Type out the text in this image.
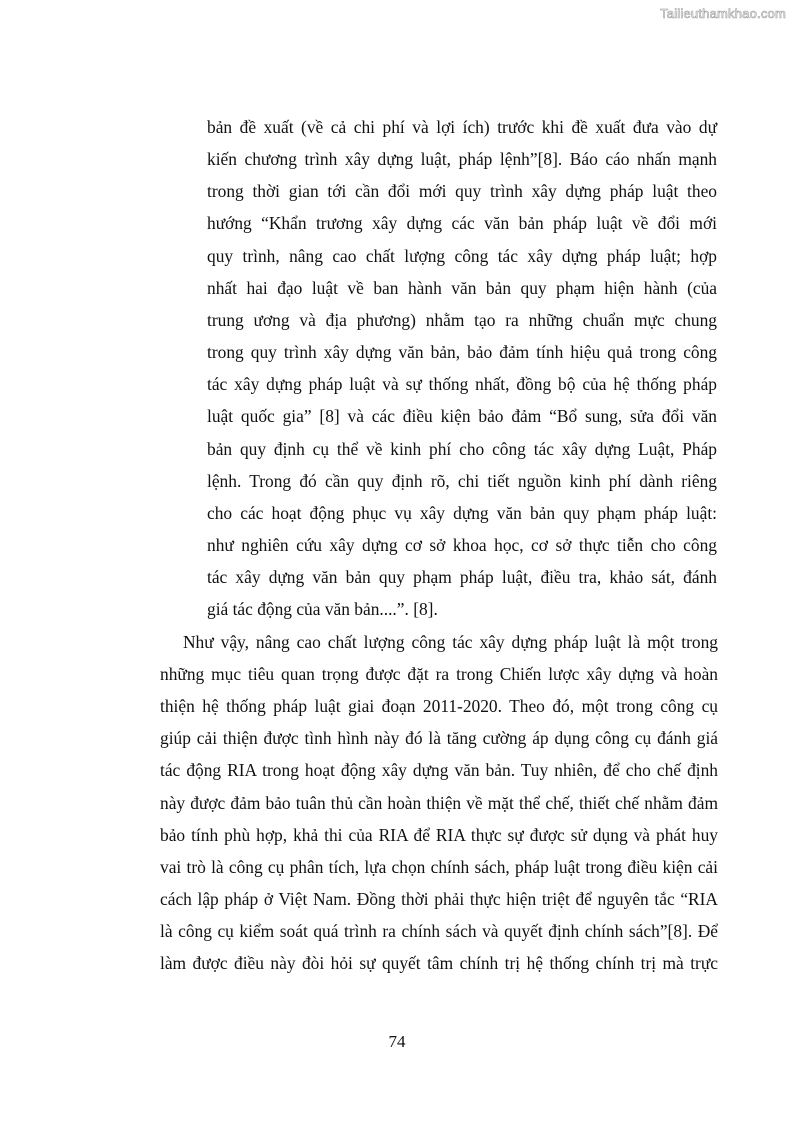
Tailieuthamkhao.com
bản đề xuất (về cả chi phí và lợi ích) trước khi đề xuất đưa vào dự
kiến chương trình xây dựng luật, pháp lệnh”[8]. Báo cáo nhấn mạnh
trong thời gian tới cần đổi mới quy trình xây dựng pháp luật theo
hướng “Khẩn trương xây dựng các văn bản pháp luật về đổi mới
quy trình, nâng cao chất lượng công tác xây dựng pháp luật; hợp
nhất hai đạo luật về ban hành văn bản quy phạm hiện hành (của
trung ương và địa phương) nhằm tạo ra những chuẩn mực chung
trong quy trình xây dựng văn bản, bảo đảm tính hiệu quả trong công
tác xây dựng pháp luật và sự thống nhất, đồng bộ của hệ thống pháp
luật quốc gia” [8] và các điều kiện bảo đảm “Bổ sung, sửa đổi văn
bản quy định cụ thể về kinh phí cho công tác xây dựng Luật, Pháp
lệnh. Trong đó cần quy định rõ, chi tiết nguồn kinh phí dành riêng
cho các hoạt động phục vụ xây dựng văn bản quy phạm pháp luật:
như nghiên cứu xây dựng cơ sở khoa học, cơ sở thực tiễn cho công
tác xây dựng văn bản quy phạm pháp luật, điều tra, khảo sát, đánh
giá tác động của văn bản....”. [8].
Như vậy, nâng cao chất lượng công tác xây dựng pháp luật là một trong
những mục tiêu quan trọng được đặt ra trong Chiến lược xây dựng và hoàn
thiện hệ thống pháp luật giai đoạn 2011-2020. Theo đó, một trong công cụ
giúp cải thiện được tình hình này đó là tăng cường áp dụng công cụ đánh giá
tác động RIA trong hoạt động xây dựng văn bản. Tuy nhiên, để cho chế định
này được đảm bảo tuân thủ cần hoàn thiện về mặt thể chế, thiết chế nhằm đảm
bảo tính phù hợp, khả thi của RIA để RIA thực sự được sử dụng và phát huy
vai trò là công cụ phân tích, lựa chọn chính sách, pháp luật trong điều kiện cải
cách lập pháp ở Việt Nam. Đồng thời phải thực hiện triệt để nguyên tắc “RIA
là công cụ kiểm soát quá trình ra chính sách và quyết định chính sách”[8]. Để
làm được điều này đòi hỏi sự quyết tâm chính trị hệ thống chính trị mà trực
74
